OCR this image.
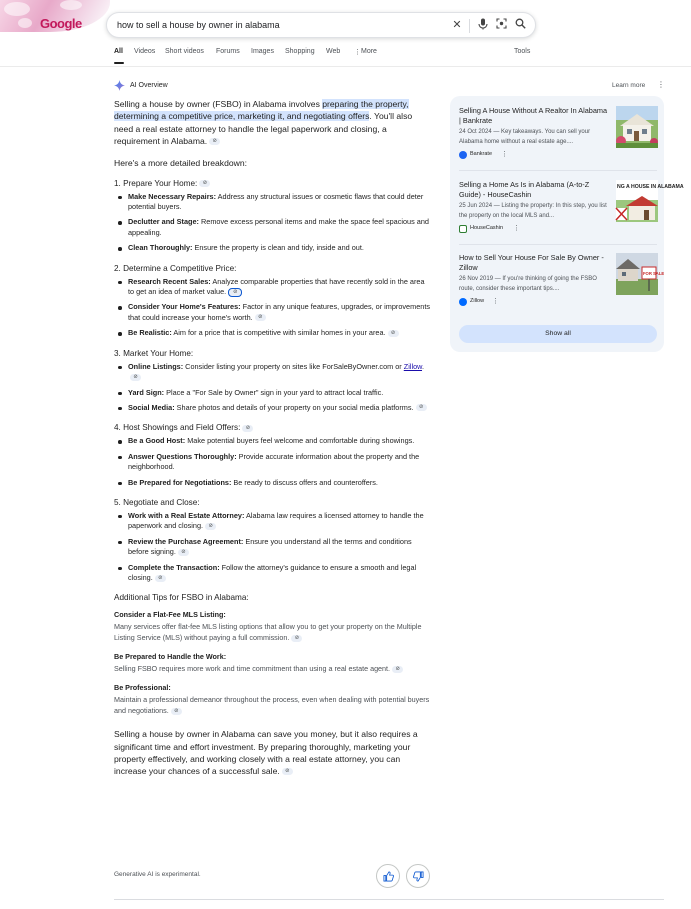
Google
how to sell a house by owner in alabama	✕
All Videos Short videos Forums Images Shopping Web ⋮ More	Tools
AI Overview	Learn more ⋮

Selling a house by owner (FSBO) in Alabama involves preparing the property, determining a competitive price, marketing it, and negotiating offers. You'll also need a real estate attorney to handle the legal paperwork and closing, a requirement in Alabama. ⊘

Here's a more detailed breakdown:

1. Prepare Your Home: ⊘
Make Necessary Repairs: Address any structural issues or cosmetic flaws that could deter potential buyers.
Declutter and Stage: Remove excess personal items and make the space feel spacious and appealing.
Clean Thoroughly: Ensure the property is clean and tidy, inside and out.
2. Determine a Competitive Price:
Research Recent Sales: Analyze comparable properties that have recently sold in the area to get an idea of market value. ⊘
Consider Your Home's Features: Factor in any unique features, upgrades, or improvements that could increase your home's worth. ⊘
Be Realistic: Aim for a price that is competitive with similar homes in your area. ⊘
3. Market Your Home:
Online Listings: Consider listing your property on sites like ForSaleByOwner.com or Zillow.⊘
Yard Sign: Place a "For Sale by Owner" sign in your yard to attract local traffic.
Social Media: Share photos and details of your property on your social media platforms. ⊘
4. Host Showings and Field Offers: ⊘
Be a Good Host: Make potential buyers feel welcome and comfortable during showings.
Answer Questions Thoroughly: Provide accurate information about the property and the neighborhood.
Be Prepared for Negotiations: Be ready to discuss offers and counteroffers.
5. Negotiate and Close:
Work with a Real Estate Attorney: Alabama law requires a licensed attorney to handle the paperwork and closing. ⊘
Review the Purchase Agreement: Ensure you understand all the terms and conditions before signing. ⊘
Complete the Transaction: Follow the attorney's guidance to ensure a smooth and legal closing. ⊘
Additional Tips for FSBO in Alabama:
Consider a Flat-Fee MLS Listing:
Many services offer flat-fee MLS listing options that allow you to get your property on the Multiple Listing Service (MLS) without paying a full commission. ⊘
Be Prepared to Handle the Work:
Selling FSBO requires more work and time commitment than using a real estate agent. ⊘
Be Professional:
Maintain a professional demeanor throughout the process, even when dealing with potential buyers and negotiations. ⊘

Selling a house by owner in Alabama can save you money, but it also requires a significant time and effort investment. By preparing thoroughly, marketing your property effectively, and working closely with a real estate attorney, you can increase your chances of a successful sale. ⊘

Generative AI is experimental.
Selling A House Without A Realtor In Alabama | Bankrate
24 Oct 2024 — Key takeaways. You can sell your Alabama home without a real estate age....
Bankrate ⋮
Selling a Home As Is in Alabama (A-to-Z Guide) - HouseCashin
25 Jun 2024 — Listing the property: In this step, you list the property on the local MLS and...
HouseCashin ⋮
NG A HOUSE IN ALABAMA
How to Sell Your House For Sale By Owner - Zillow
26 Nov 2019 — If you're thinking of going the FSBO route, consider these important tips....
Zillow ⋮
FOR SALE
Show all
